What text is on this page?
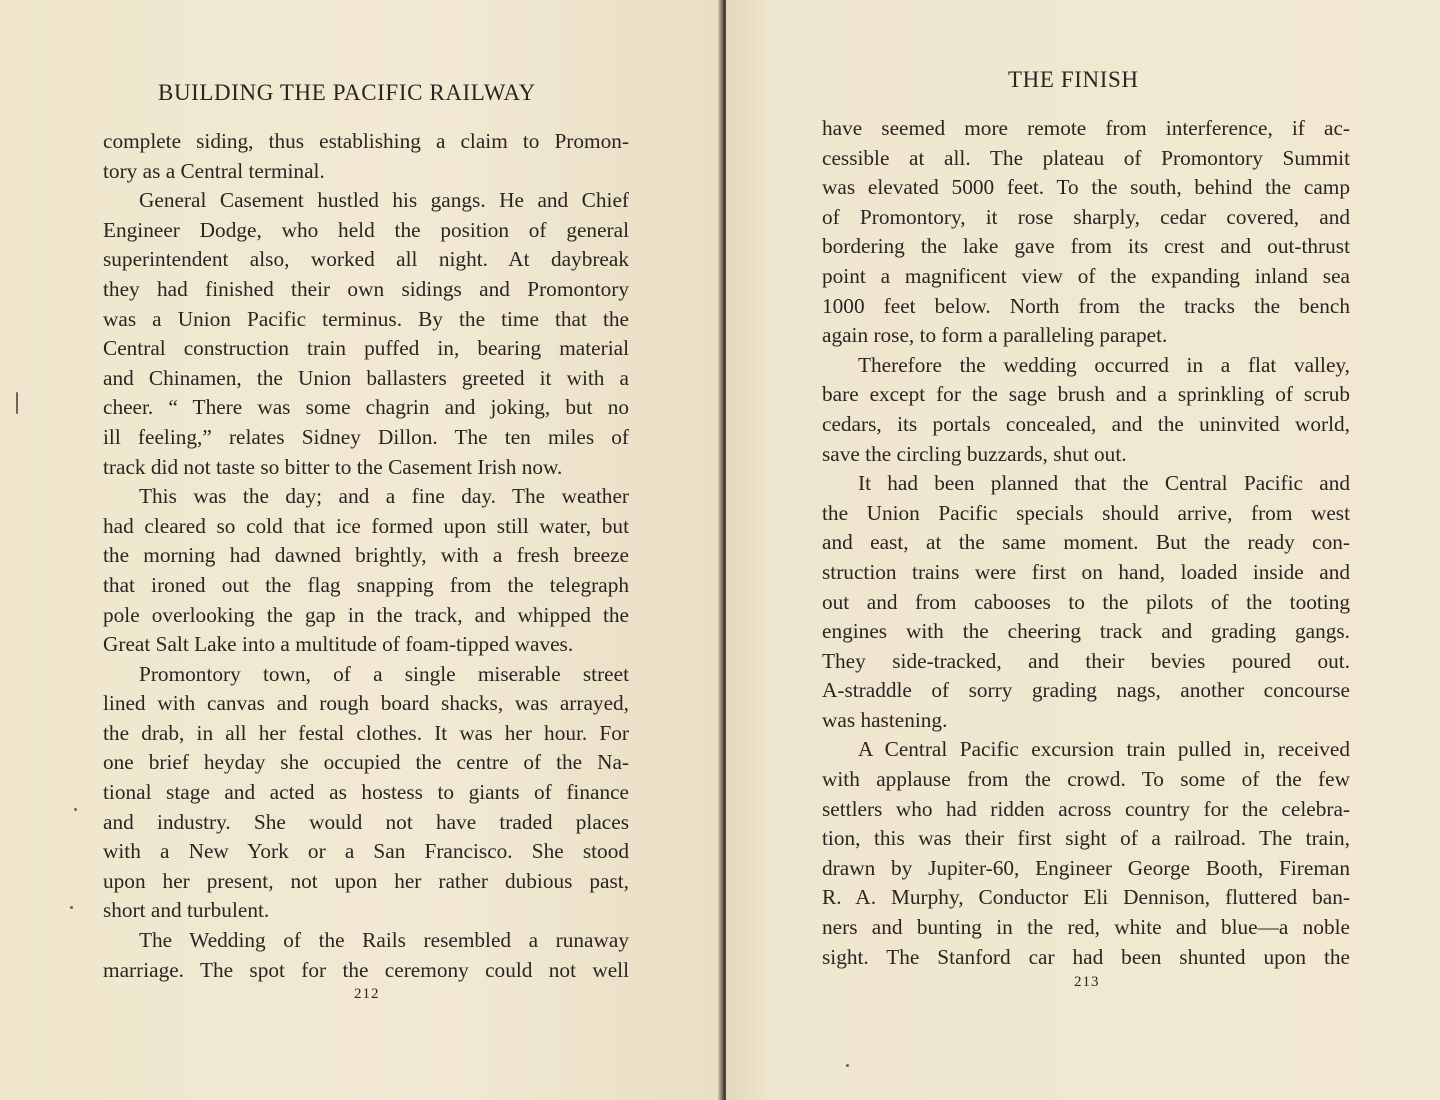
BUILDING THE PACIFIC RAILWAY
complete siding, thus establishing a claim to Promon-
tory as a Central terminal.
General Casement hustled his gangs. He and Chief
Engineer Dodge, who held the position of general
superintendent also, worked all night. At daybreak
they had finished their own sidings and Promontory
was a Union Pacific terminus. By the time that the
Central construction train puffed in, bearing material
and Chinamen, the Union ballasters greeted it with a
cheer. “ There was some chagrin and joking, but no
ill feeling,” relates Sidney Dillon. The ten miles of
track did not taste so bitter to the Casement Irish now.
This was the day; and a fine day. The weather
had cleared so cold that ice formed upon still water, but
the morning had dawned brightly, with a fresh breeze
that ironed out the flag snapping from the telegraph
pole overlooking the gap in the track, and whipped the
Great Salt Lake into a multitude of foam-tipped waves.
Promontory town, of a single miserable street
lined with canvas and rough board shacks, was arrayed,
the drab, in all her festal clothes. It was her hour. For
one brief heyday she occupied the centre of the Na-
tional stage and acted as hostess to giants of finance
and industry. She would not have traded places
with a New York or a San Francisco. She stood
upon her present, not upon her rather dubious past,
short and turbulent.
The Wedding of the Rails resembled a runaway
marriage. The spot for the ceremony could not well
212
THE FINISH
have seemed more remote from interference, if ac-
cessible at all. The plateau of Promontory Summit
was elevated 5000 feet. To the south, behind the camp
of Promontory, it rose sharply, cedar covered, and
bordering the lake gave from its crest and out-thrust
point a magnificent view of the expanding inland sea
1000 feet below. North from the tracks the bench
again rose, to form a paralleling parapet.
Therefore the wedding occurred in a flat valley,
bare except for the sage brush and a sprinkling of scrub
cedars, its portals concealed, and the uninvited world,
save the circling buzzards, shut out.
It had been planned that the Central Pacific and
the Union Pacific specials should arrive, from west
and east, at the same moment. But the ready con-
struction trains were first on hand, loaded inside and
out and from cabooses to the pilots of the tooting
engines with the cheering track and grading gangs.
They side-tracked, and their bevies poured out.
A-straddle of sorry grading nags, another concourse
was hastening.
A Central Pacific excursion train pulled in, received
with applause from the crowd. To some of the few
settlers who had ridden across country for the celebra-
tion, this was their first sight of a railroad. The train,
drawn by Jupiter-60, Engineer George Booth, Fireman
R. A. Murphy, Conductor Eli Dennison, fluttered ban-
ners and bunting in the red, white and blue—a noble
sight. The Stanford car had been shunted upon the
213
